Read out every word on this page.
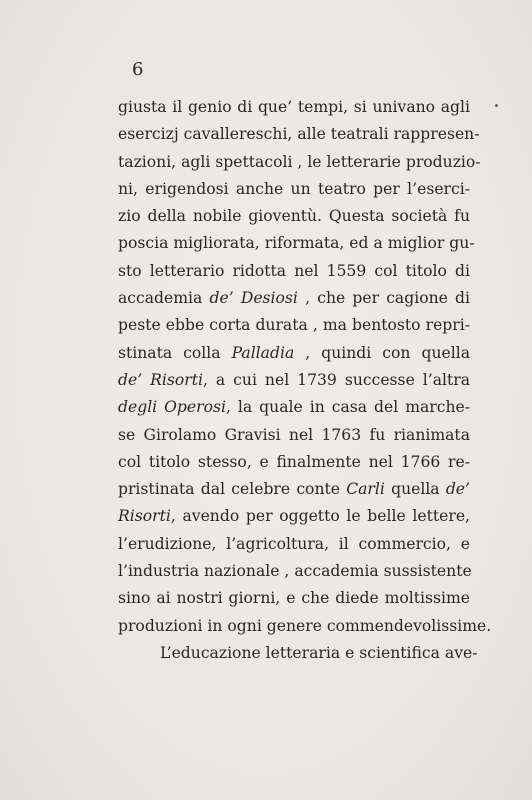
6
giusta il genio di que’ tempi, si univano agli
esercizj cavallereschi, alle teatrali rappresen-
tazioni, agli spettacoli , le letterarie produzio-
ni, erigendosi anche un teatro per l’eserci-
zio della nobile gioventù. Questa società fu
poscia migliorata, riformata, ed a miglior gu-
sto letterario ridotta nel 1559 col titolo di
accademia de’ Desiosi , che per cagione di
peste ebbe corta durata , ma bentosto repri-
stinata colla Palladia , quindi con quella
de’ Risorti, a cui nel 1739 successe l’altra
degli Operosi, la quale in casa del marche-
se Girolamo Gravisi nel 1763 fu rianimata
col titolo stesso, e finalmente nel 1766 re-
pristinata dal celebre conte Carli quella de’
Risorti, avendo per oggetto le belle lettere,
l’erudizione, l’agricoltura, il commercio, e
l’industria nazionale , accademia sussistente
sino ai nostri giorni, e che diede moltissime
produzioni in ogni genere commendevolissime.
L’educazione letteraria e scientifica ave-
